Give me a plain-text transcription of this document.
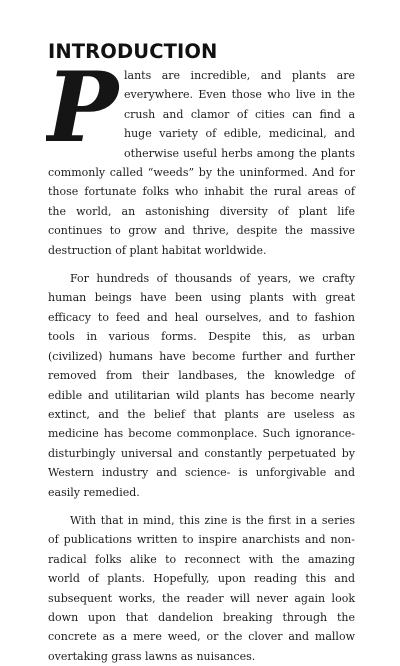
INTRODUCTION

Plants are incredible, and plants are everywhere. Even those who live in the crush and clamor of cities can find a huge variety of edible, medicinal, and otherwise useful herbs among the plants commonly called “weeds” by the uninformed. And for those fortunate folks who inhabit the rural areas of the world, an astonishing diversity of plant life continues to grow and thrive, despite the massive destruction of plant habitat worldwide.

For hundreds of thousands of years, we crafty human beings have been using plants with great efficacy to feed and heal ourselves, and to fashion tools in various forms. Despite this, as urban (civilized) humans have become further and further removed from their landbases, the knowledge of edible and utilitarian wild plants has become nearly extinct, and the belief that plants are useless as medicine has become commonplace. Such ignorance- disturbingly universal and constantly perpetuated by Western industry and science- is unforgivable and easily remedied.

With that in mind, this zine is the first in a series of publications written to inspire anarchists and non-radical folks alike to reconnect with the amazing world of plants. Hopefully, upon reading this and subsequent works, the reader will never again look down upon that dandelion breaking through the concrete as a mere weed, or the clover and mallow overtaking grass lawns as nuisances.
